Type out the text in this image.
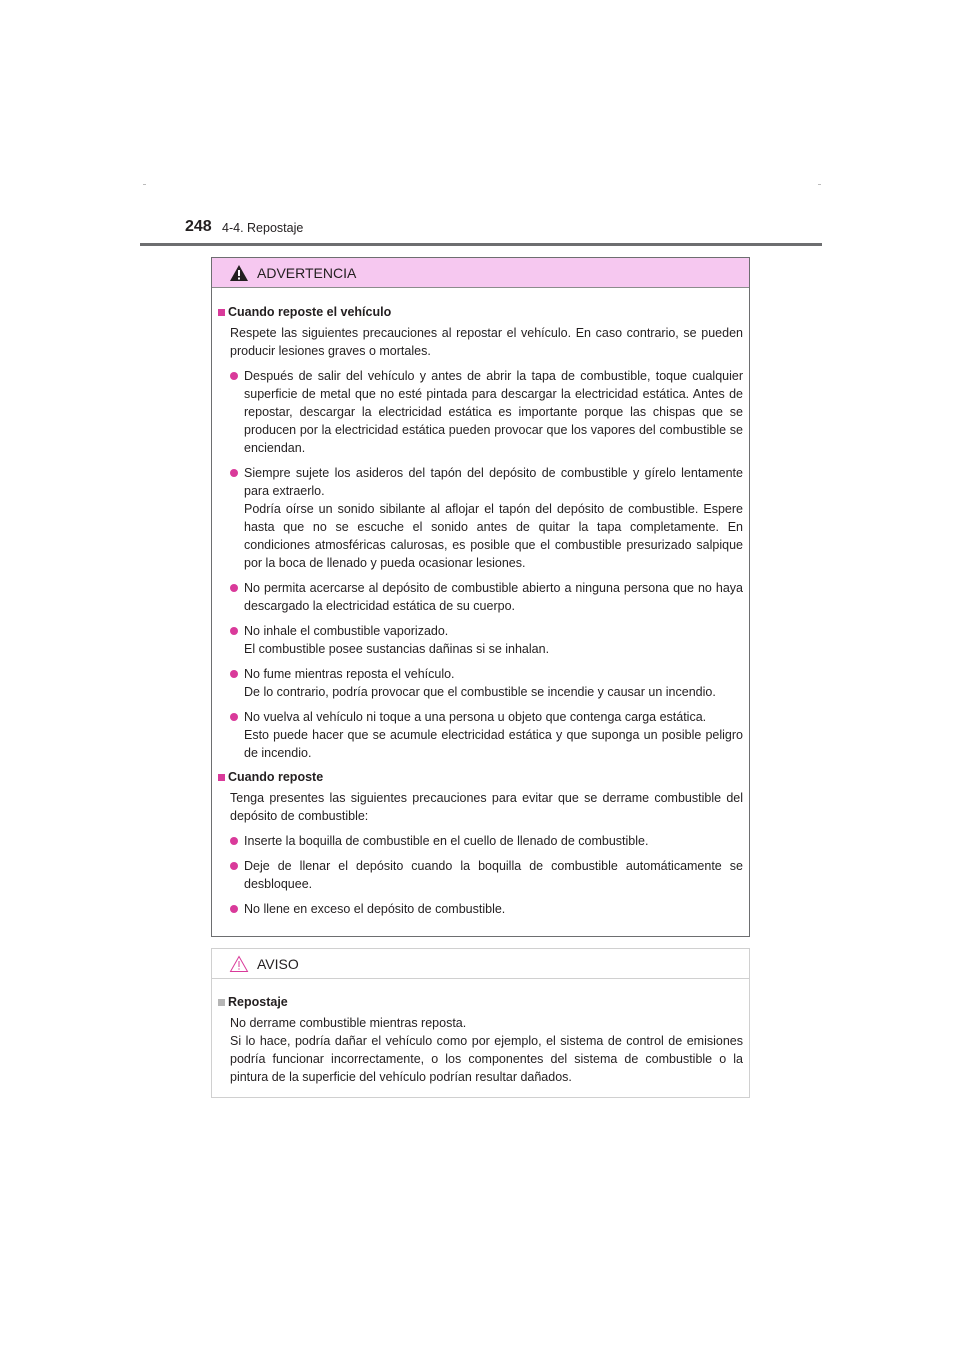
248 4-4. Repostaje
ADVERTENCIA
Cuando reposte el vehículo
Respete las siguientes precauciones al repostar el vehículo. En caso contrario, se pueden producir lesiones graves o mortales.
Después de salir del vehículo y antes de abrir la tapa de combustible, toque cualquier superficie de metal que no esté pintada para descargar la electricidad estática. Antes de repostar, descargar la electricidad estática es importante porque las chispas que se producen por la electricidad estática pueden provocar que los vapores del combustible se enciendan.
Siempre sujete los asideros del tapón del depósito de combustible y gírelo lentamente para extraerlo.
Podría oírse un sonido sibilante al aflojar el tapón del depósito de combustible. Espere hasta que no se escuche el sonido antes de quitar la tapa completamente. En condiciones atmosféricas calurosas, es posible que el combustible presurizado salpique por la boca de llenado y pueda ocasionar lesiones.
No permita acercarse al depósito de combustible abierto a ninguna persona que no haya descargado la electricidad estática de su cuerpo.
No inhale el combustible vaporizado.
El combustible posee sustancias dañinas si se inhalan.
No fume mientras reposta el vehículo.
De lo contrario, podría provocar que el combustible se incendie y causar un incendio.
No vuelva al vehículo ni toque a una persona u objeto que contenga carga estática.
Esto puede hacer que se acumule electricidad estática y que suponga un posible peligro de incendio.
Cuando reposte
Tenga presentes las siguientes precauciones para evitar que se derrame combustible del depósito de combustible:
Inserte la boquilla de combustible en el cuello de llenado de combustible.
Deje de llenar el depósito cuando la boquilla de combustible automáticamente se desbloquee.
No llene en exceso el depósito de combustible.
AVISO
Repostaje
No derrame combustible mientras reposta.
Si lo hace, podría dañar el vehículo como por ejemplo, el sistema de control de emisiones podría funcionar incorrectamente, o los componentes del sistema de combustible o la pintura de la superficie del vehículo podrían resultar dañados.
